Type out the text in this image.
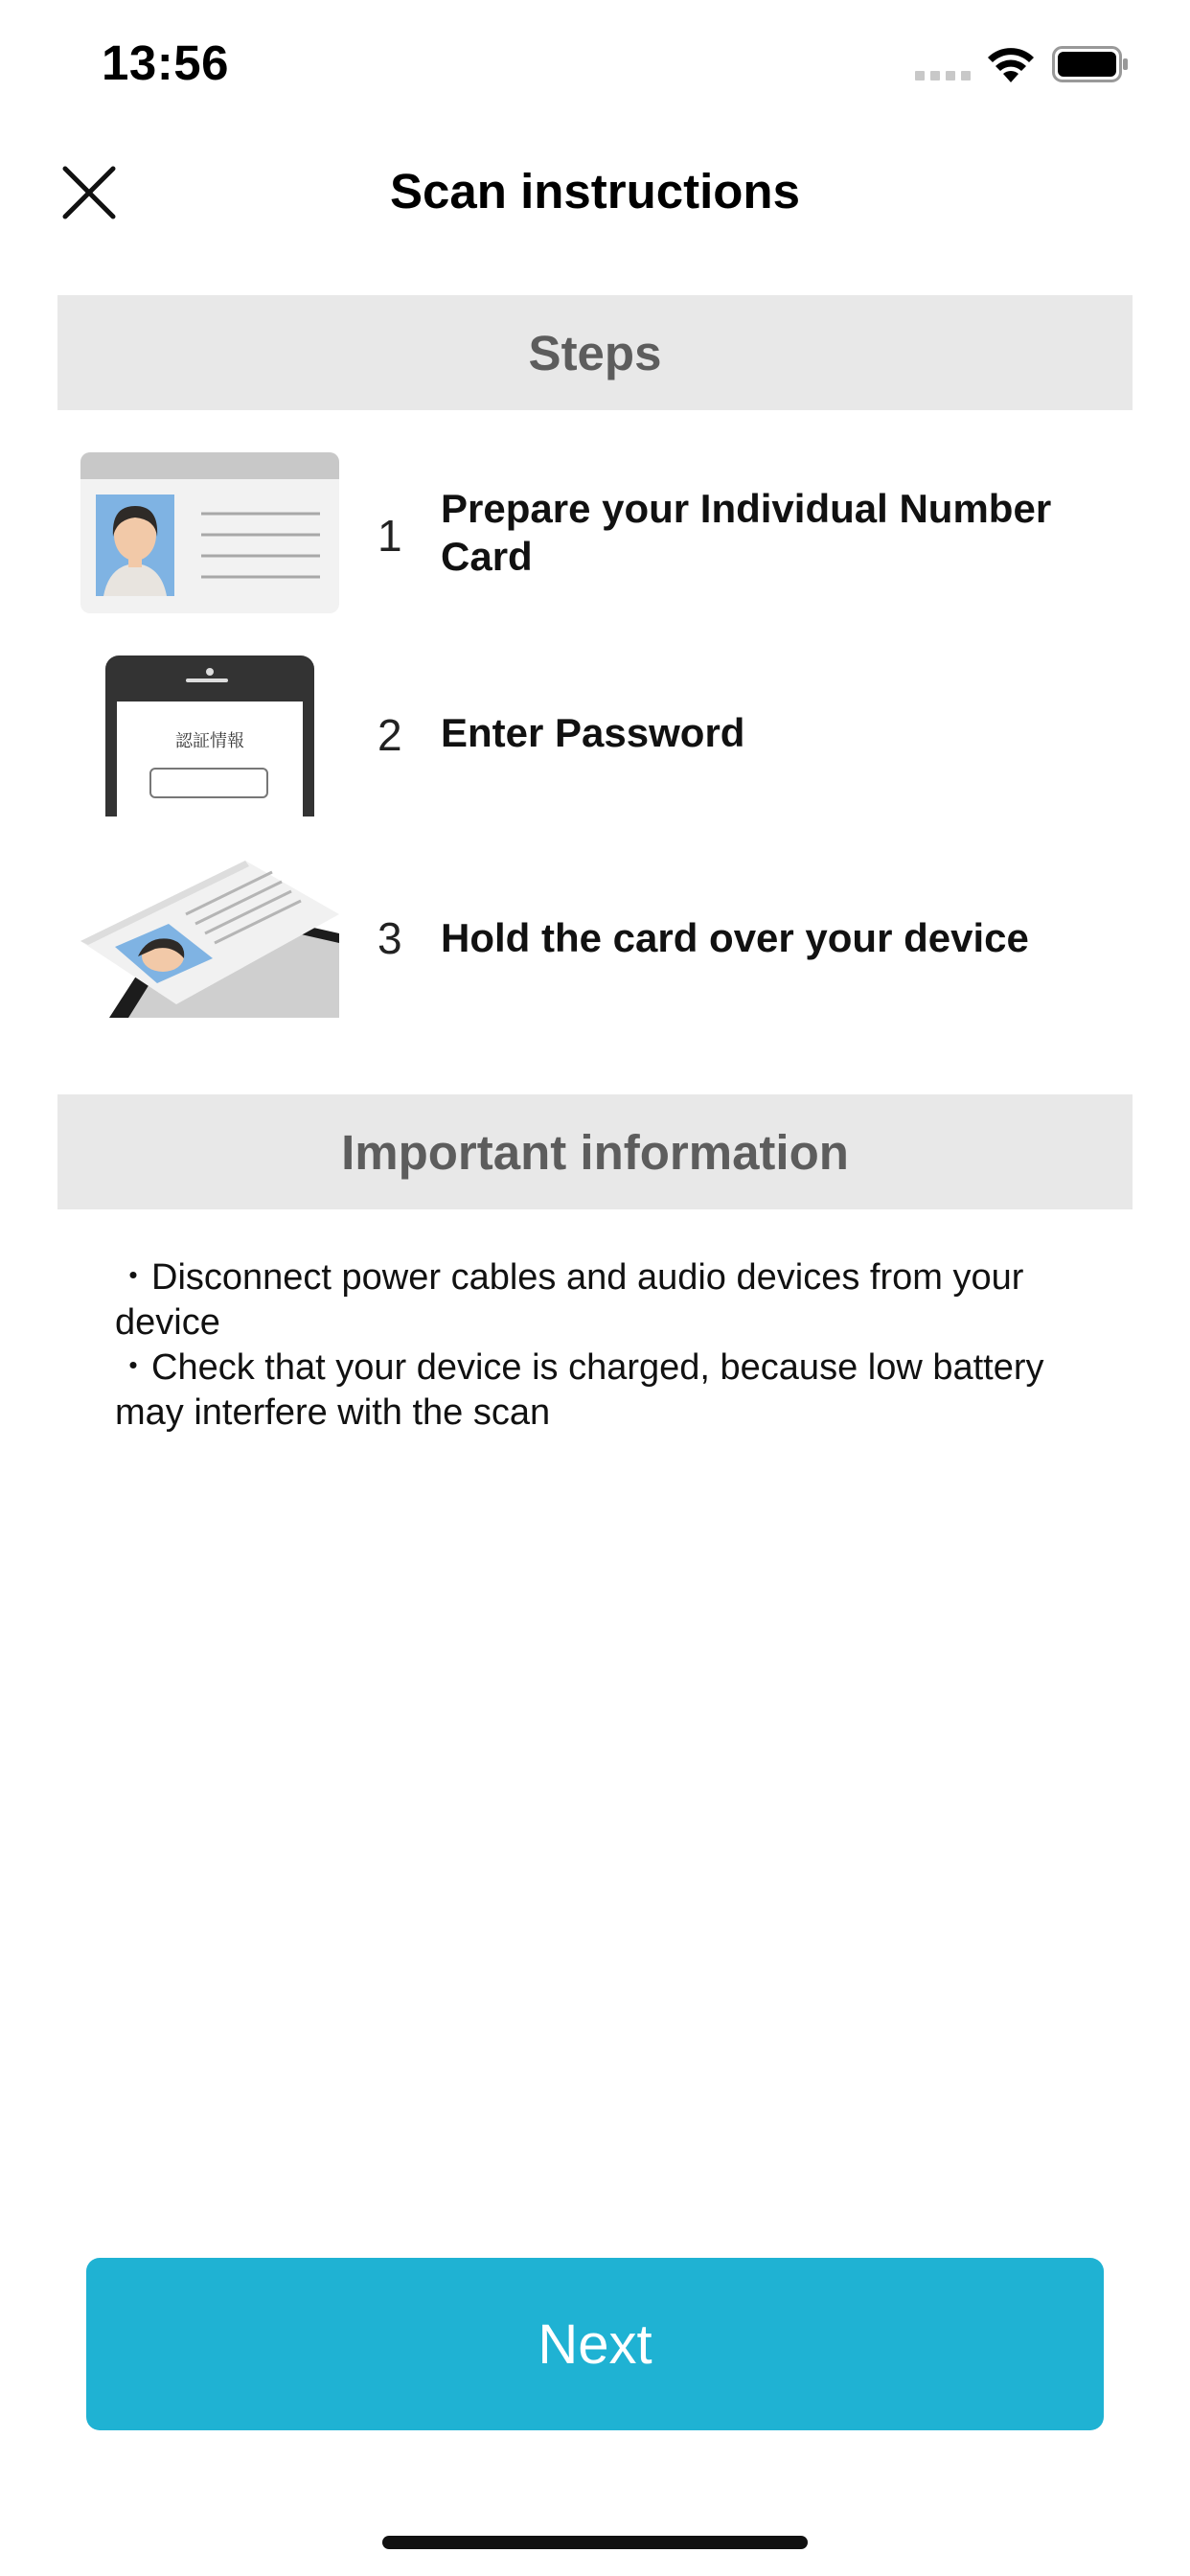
13:56
Scan instructions
Steps
1
Prepare your Individual Number Card
認証情報	2 Enter Password
3 Hold the card over your device
Important information
・Disconnect power cables and audio devices from your device
・Check that your device is charged, because low battery may interfere with the scan
Next
